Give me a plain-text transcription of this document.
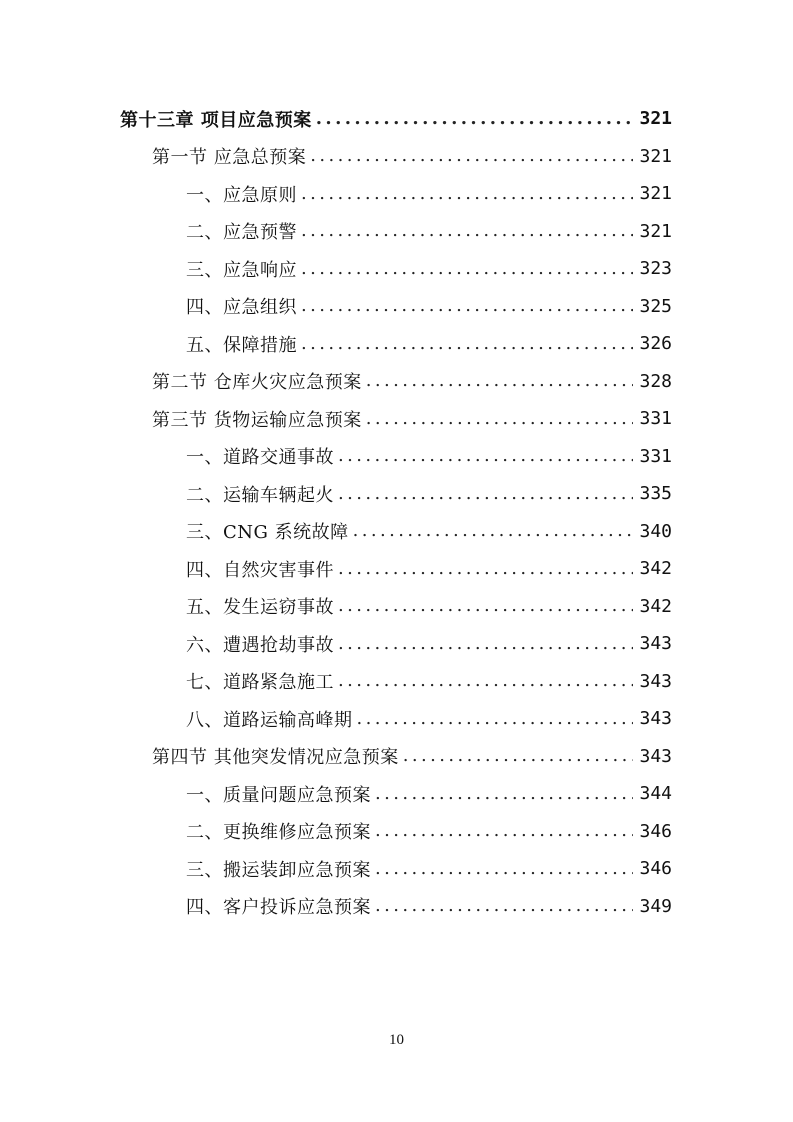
第十三章 项目应急预案 .....	321
第一节 应急总预案 .....	321
一、应急原则 .....	321
二、应急预警 .....	321
三、应急响应 .....	323
四、应急组织 .....	325
五、保障措施 .....	326
第二节 仓库火灾应急预案 .....	328
第三节 货物运输应急预案 .....	331
一、道路交通事故 .....	331
二、运输车辆起火 .....	335
三、CNG 系统故障 .....	340
四、自然灾害事件 .....	342
五、发生运窃事故 .....	342
六、遭遇抢劫事故 .....	343
七、道路紧急施工 .....	343
八、道路运输高峰期 .....	343
第四节 其他突发情况应急预案 .....	343
一、质量问题应急预案 .....	344
二、更换维修应急预案 .....	346
三、搬运装卸应急预案 .....	346
四、客户投诉应急预案 .....	349
10
